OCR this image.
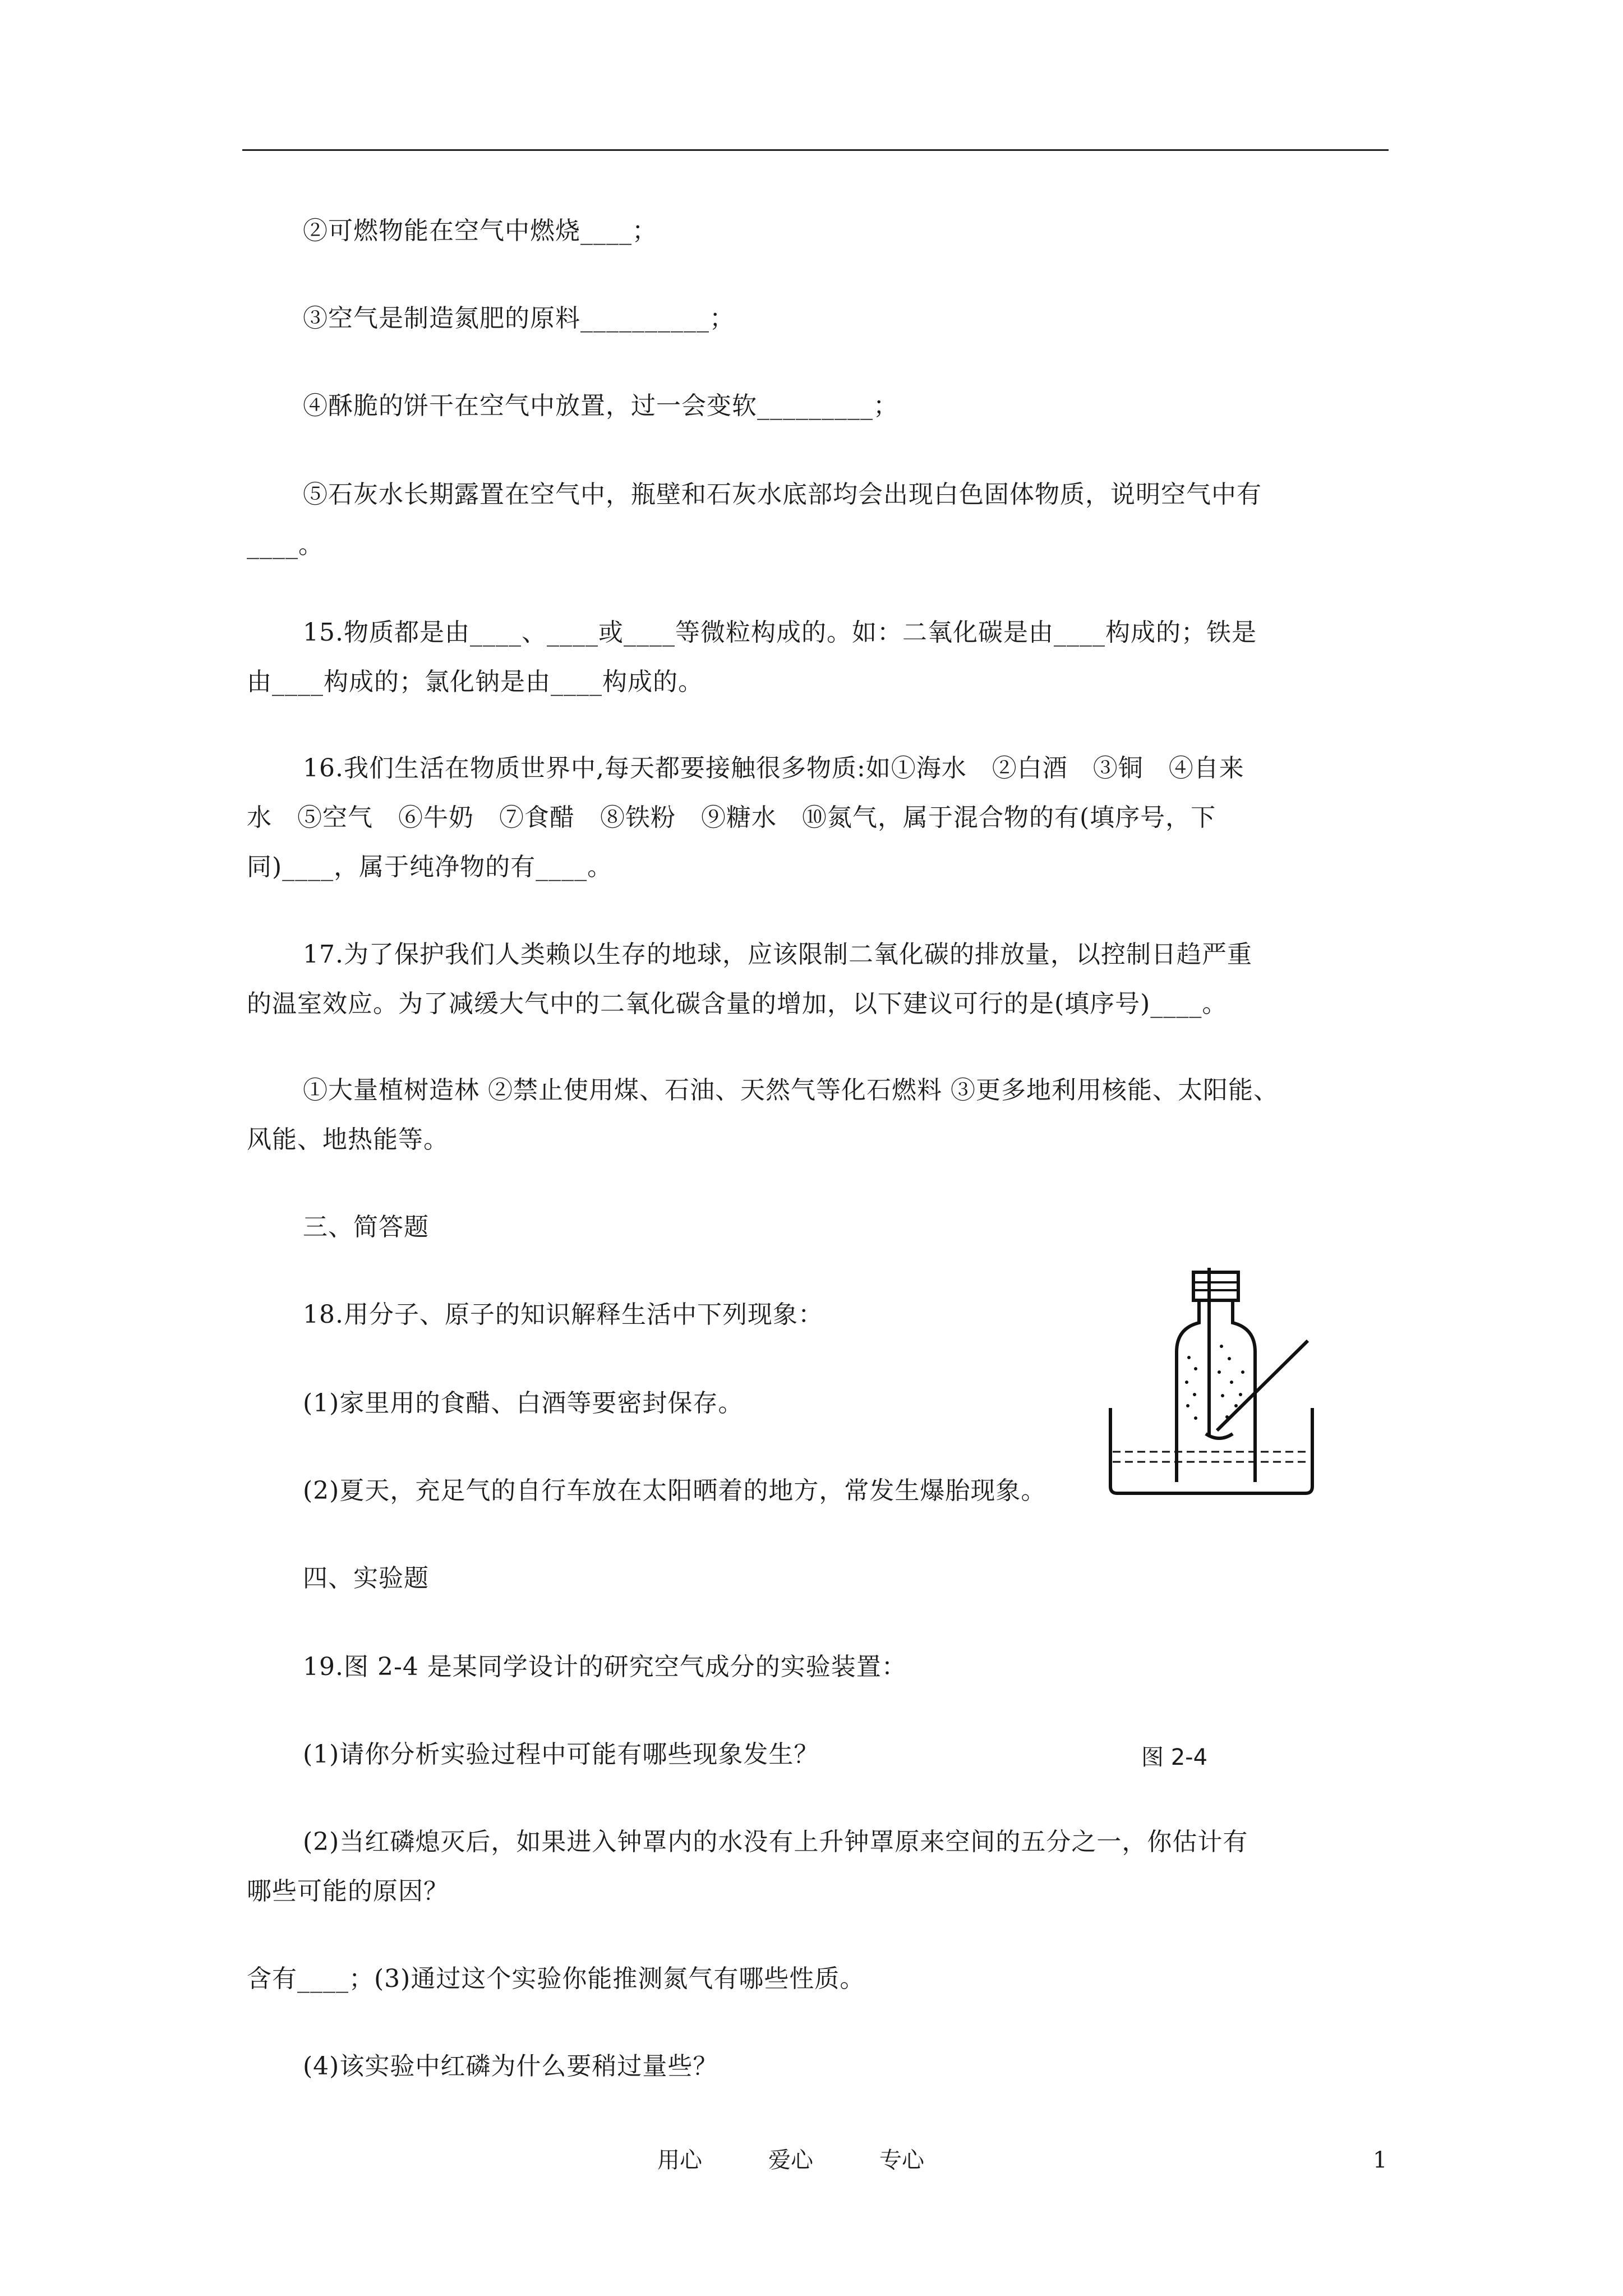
②可燃物能在空气中燃烧____；
③空气是制造氮肥的原料__________；
④酥脆的饼干在空气中放置，过一会变软_________；
⑤石灰水长期露置在空气中，瓶壁和石灰水底部均会出现白色固体物质，说明空气中有
____。
15.物质都是由____、____或____等微粒构成的。如：二氧化碳是由____构成的；铁是
由____构成的；氯化钠是由____构成的。
16.我们生活在物质世界中,每天都要接触很多物质:如①海水　②白酒　③铜　④自来
水　⑤空气　⑥牛奶　⑦食醋　⑧铁粉　⑨糖水　⑩氮气，属于混合物的有(填序号，下
同)____，属于纯净物的有____。
17.为了保护我们人类赖以生存的地球，应该限制二氧化碳的排放量，以控制日趋严重
的温室效应。为了减缓大气中的二氧化碳含量的增加，以下建议可行的是(填序号)____。
①大量植树造林 ②禁止使用煤、石油、天然气等化石燃料 ③更多地利用核能、太阳能、
风能、地热能等。
三、简答题
18.用分子、原子的知识解释生活中下列现象：
(1)家里用的食醋、白酒等要密封保存。
(2)夏天，充足气的自行车放在太阳晒着的地方，常发生爆胎现象。
四、实验题
19.图 2-4 是某同学设计的研究空气成分的实验装置：
(1)请你分析实验过程中可能有哪些现象发生？
(2)当红磷熄灭后，如果进入钟罩内的水没有上升钟罩原来空间的五分之一，你估计有
哪些可能的原因？
含有____；(3)通过这个实验你能推测氮气有哪些性质。
(4)该实验中红磷为什么要稍过量些？
图 2-4
用心	爱心	专心	1
